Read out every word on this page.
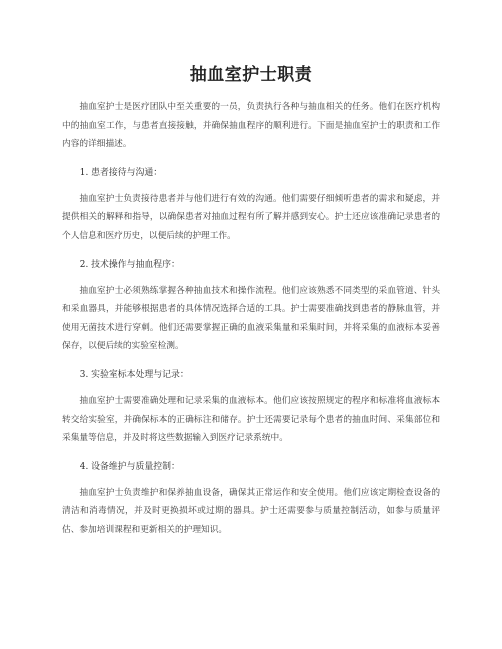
抽血室护士职责

抽血室护士是医疗团队中至关重要的一员，负责执行各种与抽血相关的任务。他们在医疗机构中的抽血室工作，与患者直接接触，并确保抽血程序的顺利进行。下面是抽血室护士的职责和工作内容的详细描述。

1. 患者接待与沟通：

抽血室护士负责接待患者并与他们进行有效的沟通。他们需要仔细倾听患者的需求和疑虑，并提供相关的解释和指导，以确保患者对抽血过程有所了解并感到安心。护士还应该准确记录患者的个人信息和医疗历史，以便后续的护理工作。

2. 技术操作与抽血程序：

抽血室护士必须熟练掌握各种抽血技术和操作流程。他们应该熟悉不同类型的采血管道、针头和采血器具，并能够根据患者的具体情况选择合适的工具。护士需要准确找到患者的静脉血管，并使用无菌技术进行穿刺。他们还需要掌握正确的血液采集量和采集时间，并将采集的血液标本妥善保存，以便后续的实验室检测。

3. 实验室标本处理与记录：

抽血室护士需要准确处理和记录采集的血液标本。他们应该按照规定的程序和标准将血液标本转交给实验室，并确保标本的正确标注和储存。护士还需要记录每个患者的抽血时间、采集部位和采集量等信息，并及时将这些数据输入到医疗记录系统中。

4. 设备维护与质量控制：

抽血室护士负责维护和保养抽血设备，确保其正常运作和安全使用。他们应该定期检查设备的清洁和消毒情况，并及时更换损坏或过期的器具。护士还需要参与质量控制活动，如参与质量评估、参加培训课程和更新相关的护理知识。
